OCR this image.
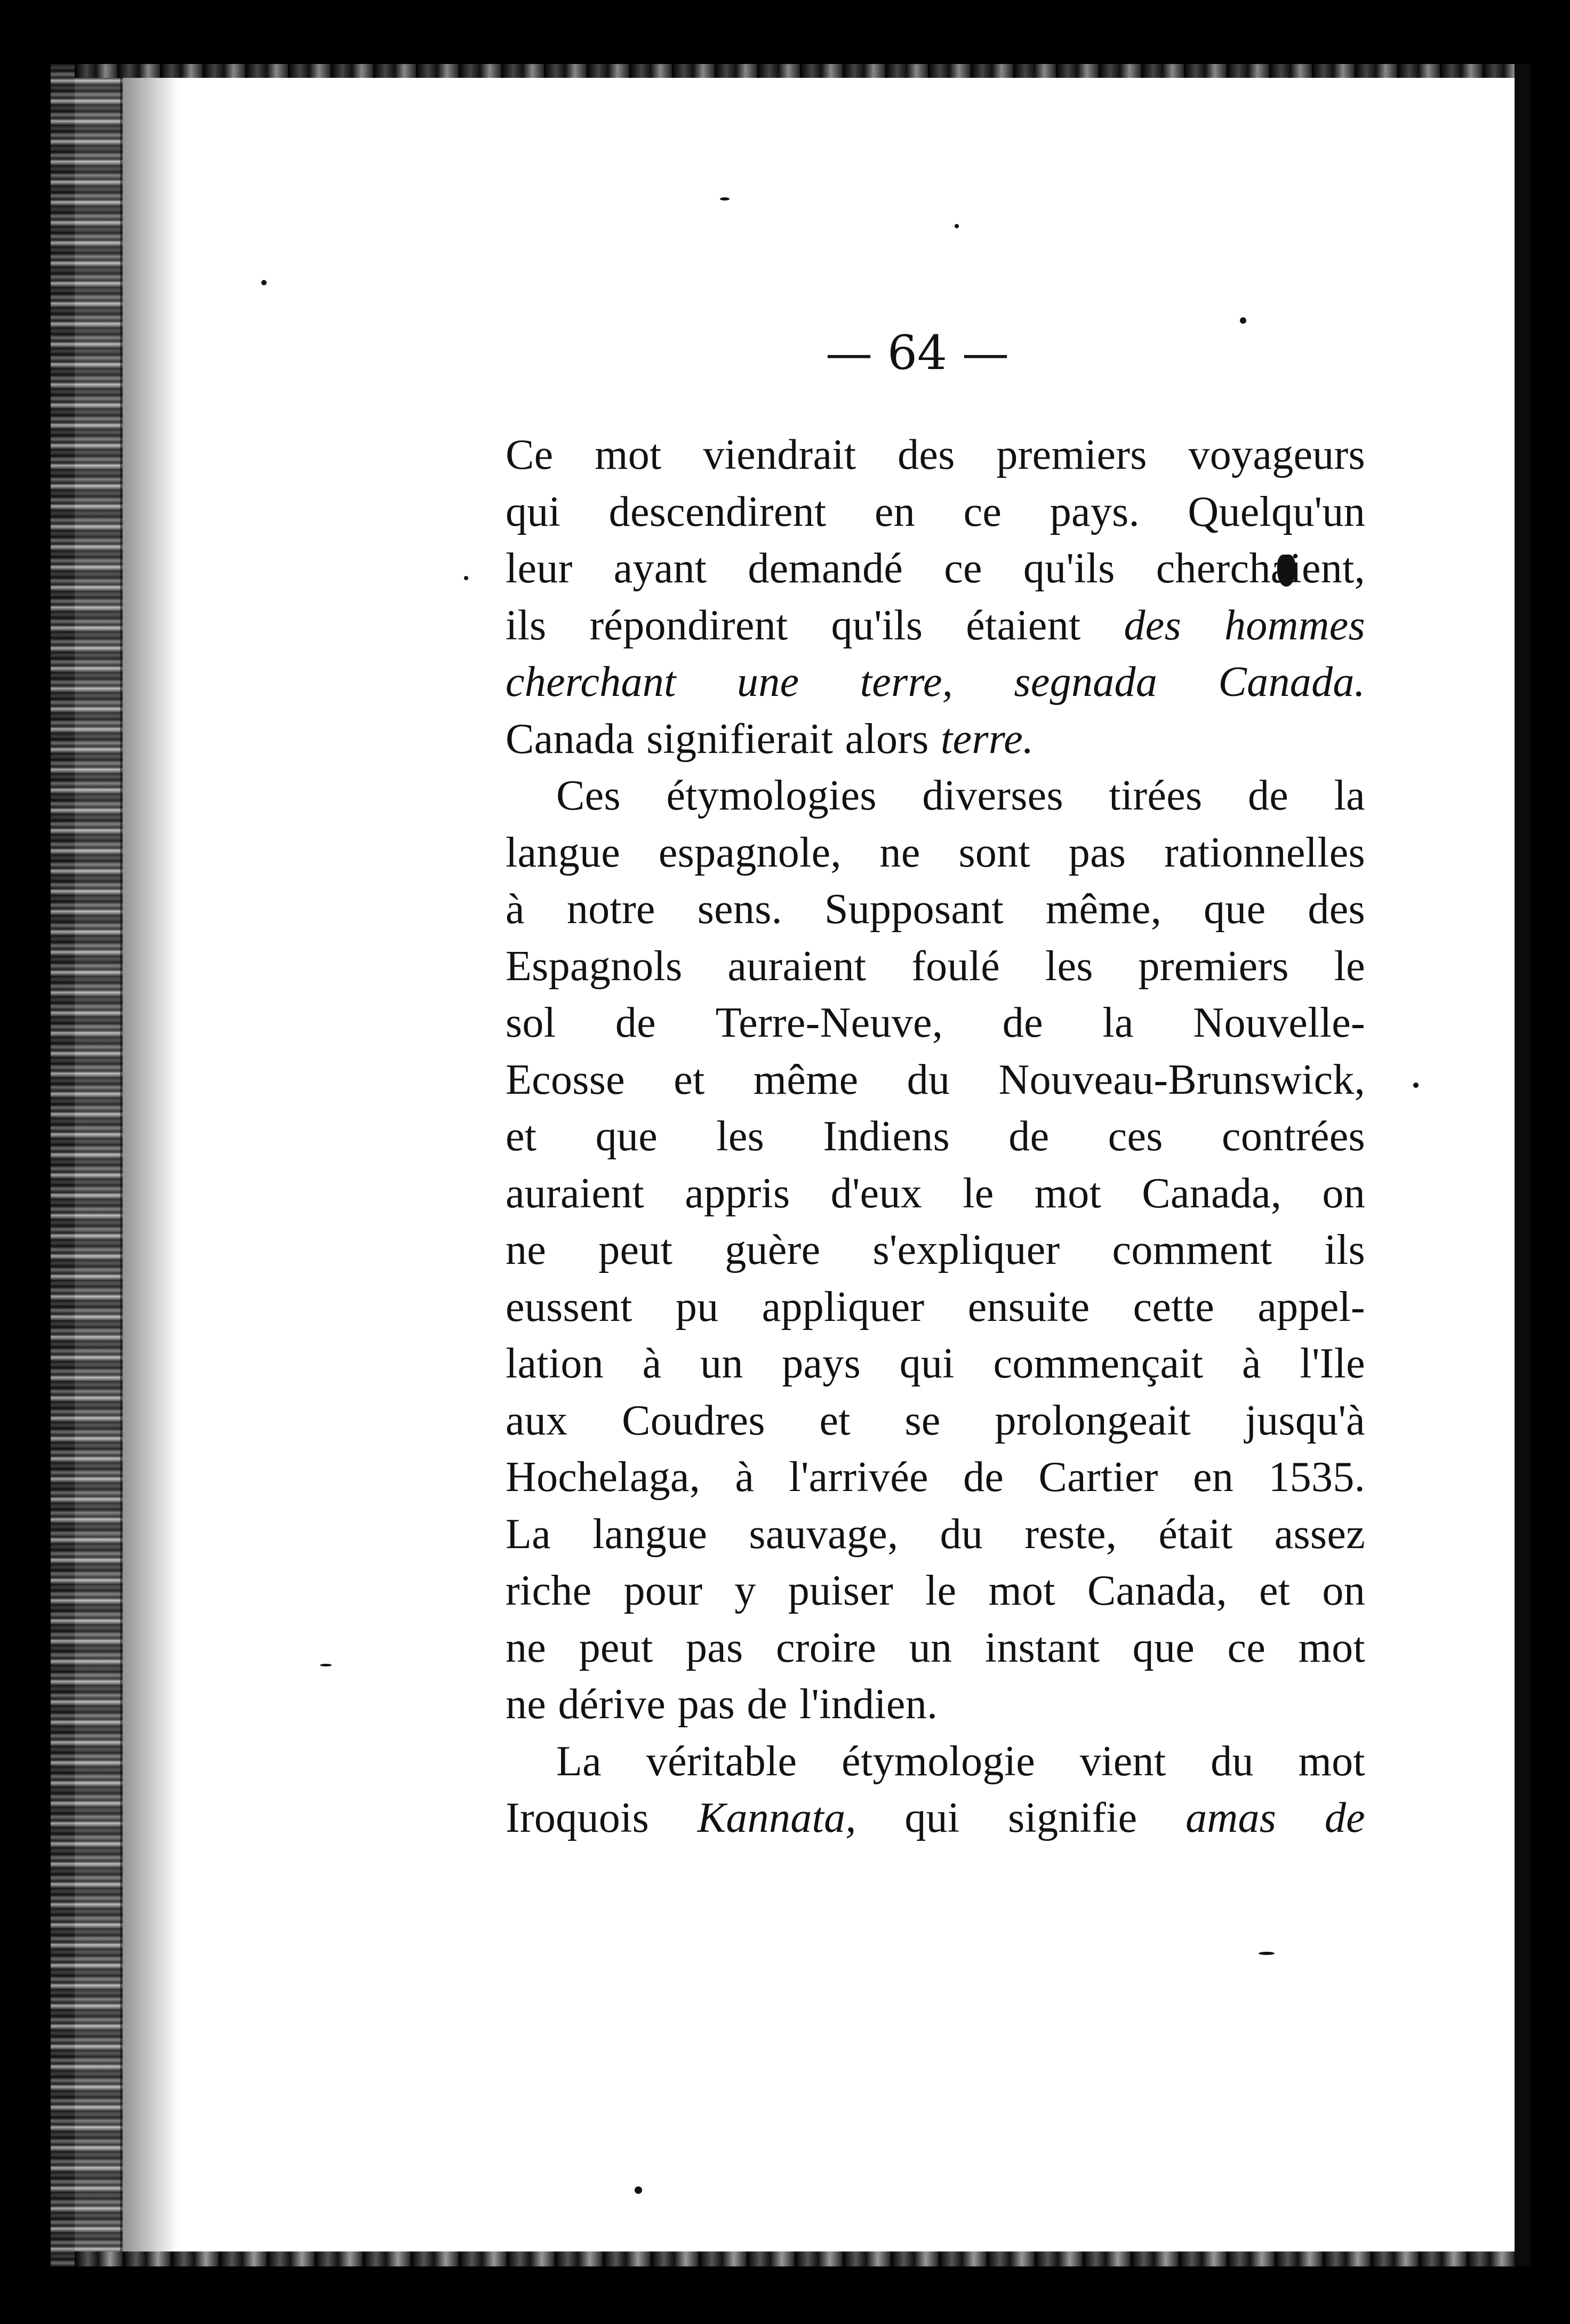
— 64 —
Ce mot viendrait des premiers voyageurs
qui descendirent en ce pays. Quelqu'un
leur ayant demandé ce qu'ils cherchaient,
ils répondirent qu'ils étaient des hommes
cherchant une terre, segnada Canada.
Canada signifierait alors terre.
Ces étymologies diverses tirées de la
langue espagnole, ne sont pas rationnelles
à notre sens. Supposant même, que des
Espagnols auraient foulé les premiers le
sol de Terre-Neuve, de la Nouvelle-
Ecosse et même du Nouveau-Brunswick,
et que les Indiens de ces contrées
auraient appris d'eux le mot Canada, on
ne peut guère s'expliquer comment ils
eussent pu appliquer ensuite cette appel-
lation à un pays qui commençait à l'Ile
aux Coudres et se prolongeait jusqu'à
Hochelaga, à l'arrivée de Cartier en 1535.
La langue sauvage, du reste, était assez
riche pour y puiser le mot Canada, et on
ne peut pas croire un instant que ce mot
ne dérive pas de l'indien.
La véritable étymologie vient du mot
Iroquois Kannata, qui signifie amas de
